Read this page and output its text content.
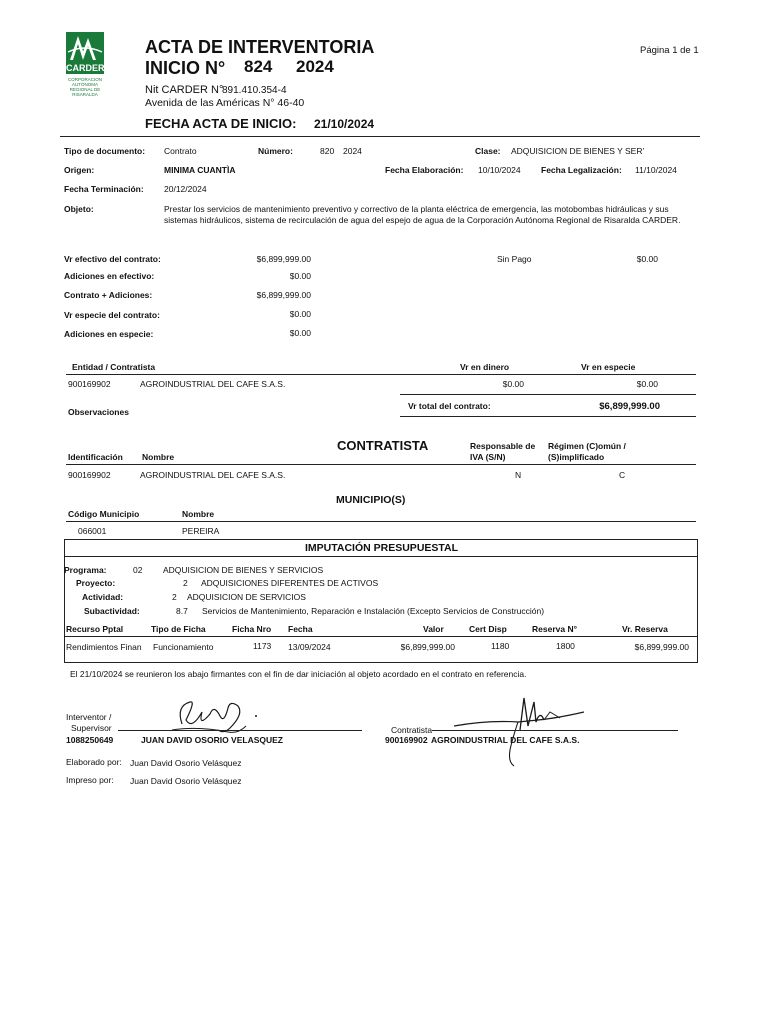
CARDER
CORPORACION
AUTÓNOMA
REGIONAL DE
RISARALDA
ACTA DE INTERVENTORIA
INICIO N° 824 2024
Página 1 de 1
Nit CARDER N°
891.410.354-4
Avenida de las Américas N° 46-40
FECHA ACTA DE INICIO: 21/10/2024
Tipo de documento: Contrato	Número:	820 2024	Clase: ADQUISICION DE BIENES Y SER’
Origen:	MINIMA CUANTÌA	Fecha Elaboración: 10/10/2024 Fecha Legalización: 11/10/2024
Fecha Terminación: 20/12/2024
Objeto:	Prestar los servicios de mantenimiento preventivo y correctivo de la planta eléctrica de emergencia, las motobombas hidráulicas y sus sistemas hidráulicos, sistema de recirculación de agua del espejo de agua de la Corporación Autónoma Regional de Risaralda CARDER.
Vr efectivo del contrato:	$6,899,999.00	Sin Pago	$0.00
Adiciones en efectivo:	$0.00
Contrato + Adiciones:	$6,899,999.00
Vr especie del contrato:	$0.00
Adiciones en especie:	$0.00
Entidad / Contratista	Vr en dinero	Vr en especie
900169902	AGROINDUSTRIAL DEL CAFE S.A.S.	$0.00	$0.00
Observaciones
Vr total del contrato:	$6,899,999.00
CONTRATISTA
Identificación Nombre
Responsable de IVA (S/N)
Régimen (C)omún / (S)implificado
900169902	AGROINDUSTRIAL DEL CAFE S.A.S.	N	C
MUNICIPIO(S)
Código Municipio	Nombre
066001	PEREIRA
IMPUTACIÓN PRESUPUESTAL
Programa:	02 ADQUISICION DE BIENES Y SERVICIOS
Proyecto:	2 ADQUISICIONES DIFERENTES DE ACTIVOS
Actividad:	2 ADQUISICION DE SERVICIOS
Subactividad:	8.7 Servicios de Mantenimiento, Reparación e Instalación (Excepto Servicios de Construcción)
Recurso Pptal	Tipo de Ficha	Ficha Nro Fecha	Valor	Cert Disp	Reserva N°	Vr. Reserva
Rendimientos Finan	Funcionamiento	1173 13/09/2024	$6,899,999.00	1180	1800	$6,899,999.00
El 21/10/2024 se reunieron los abajo firmantes con el fin de dar iniciación al objeto acordado en el contrato en referencia.
Interventor /
Supervisor
1088250649	JUAN DAVID OSORIO VELASQUEZ
Contratista
900169902 AGROINDUSTRIAL DEL CAFE S.A.S.
Elaborado por: Juan David Osorio Velásquez
Impreso por: Juan David Osorio Velásquez
